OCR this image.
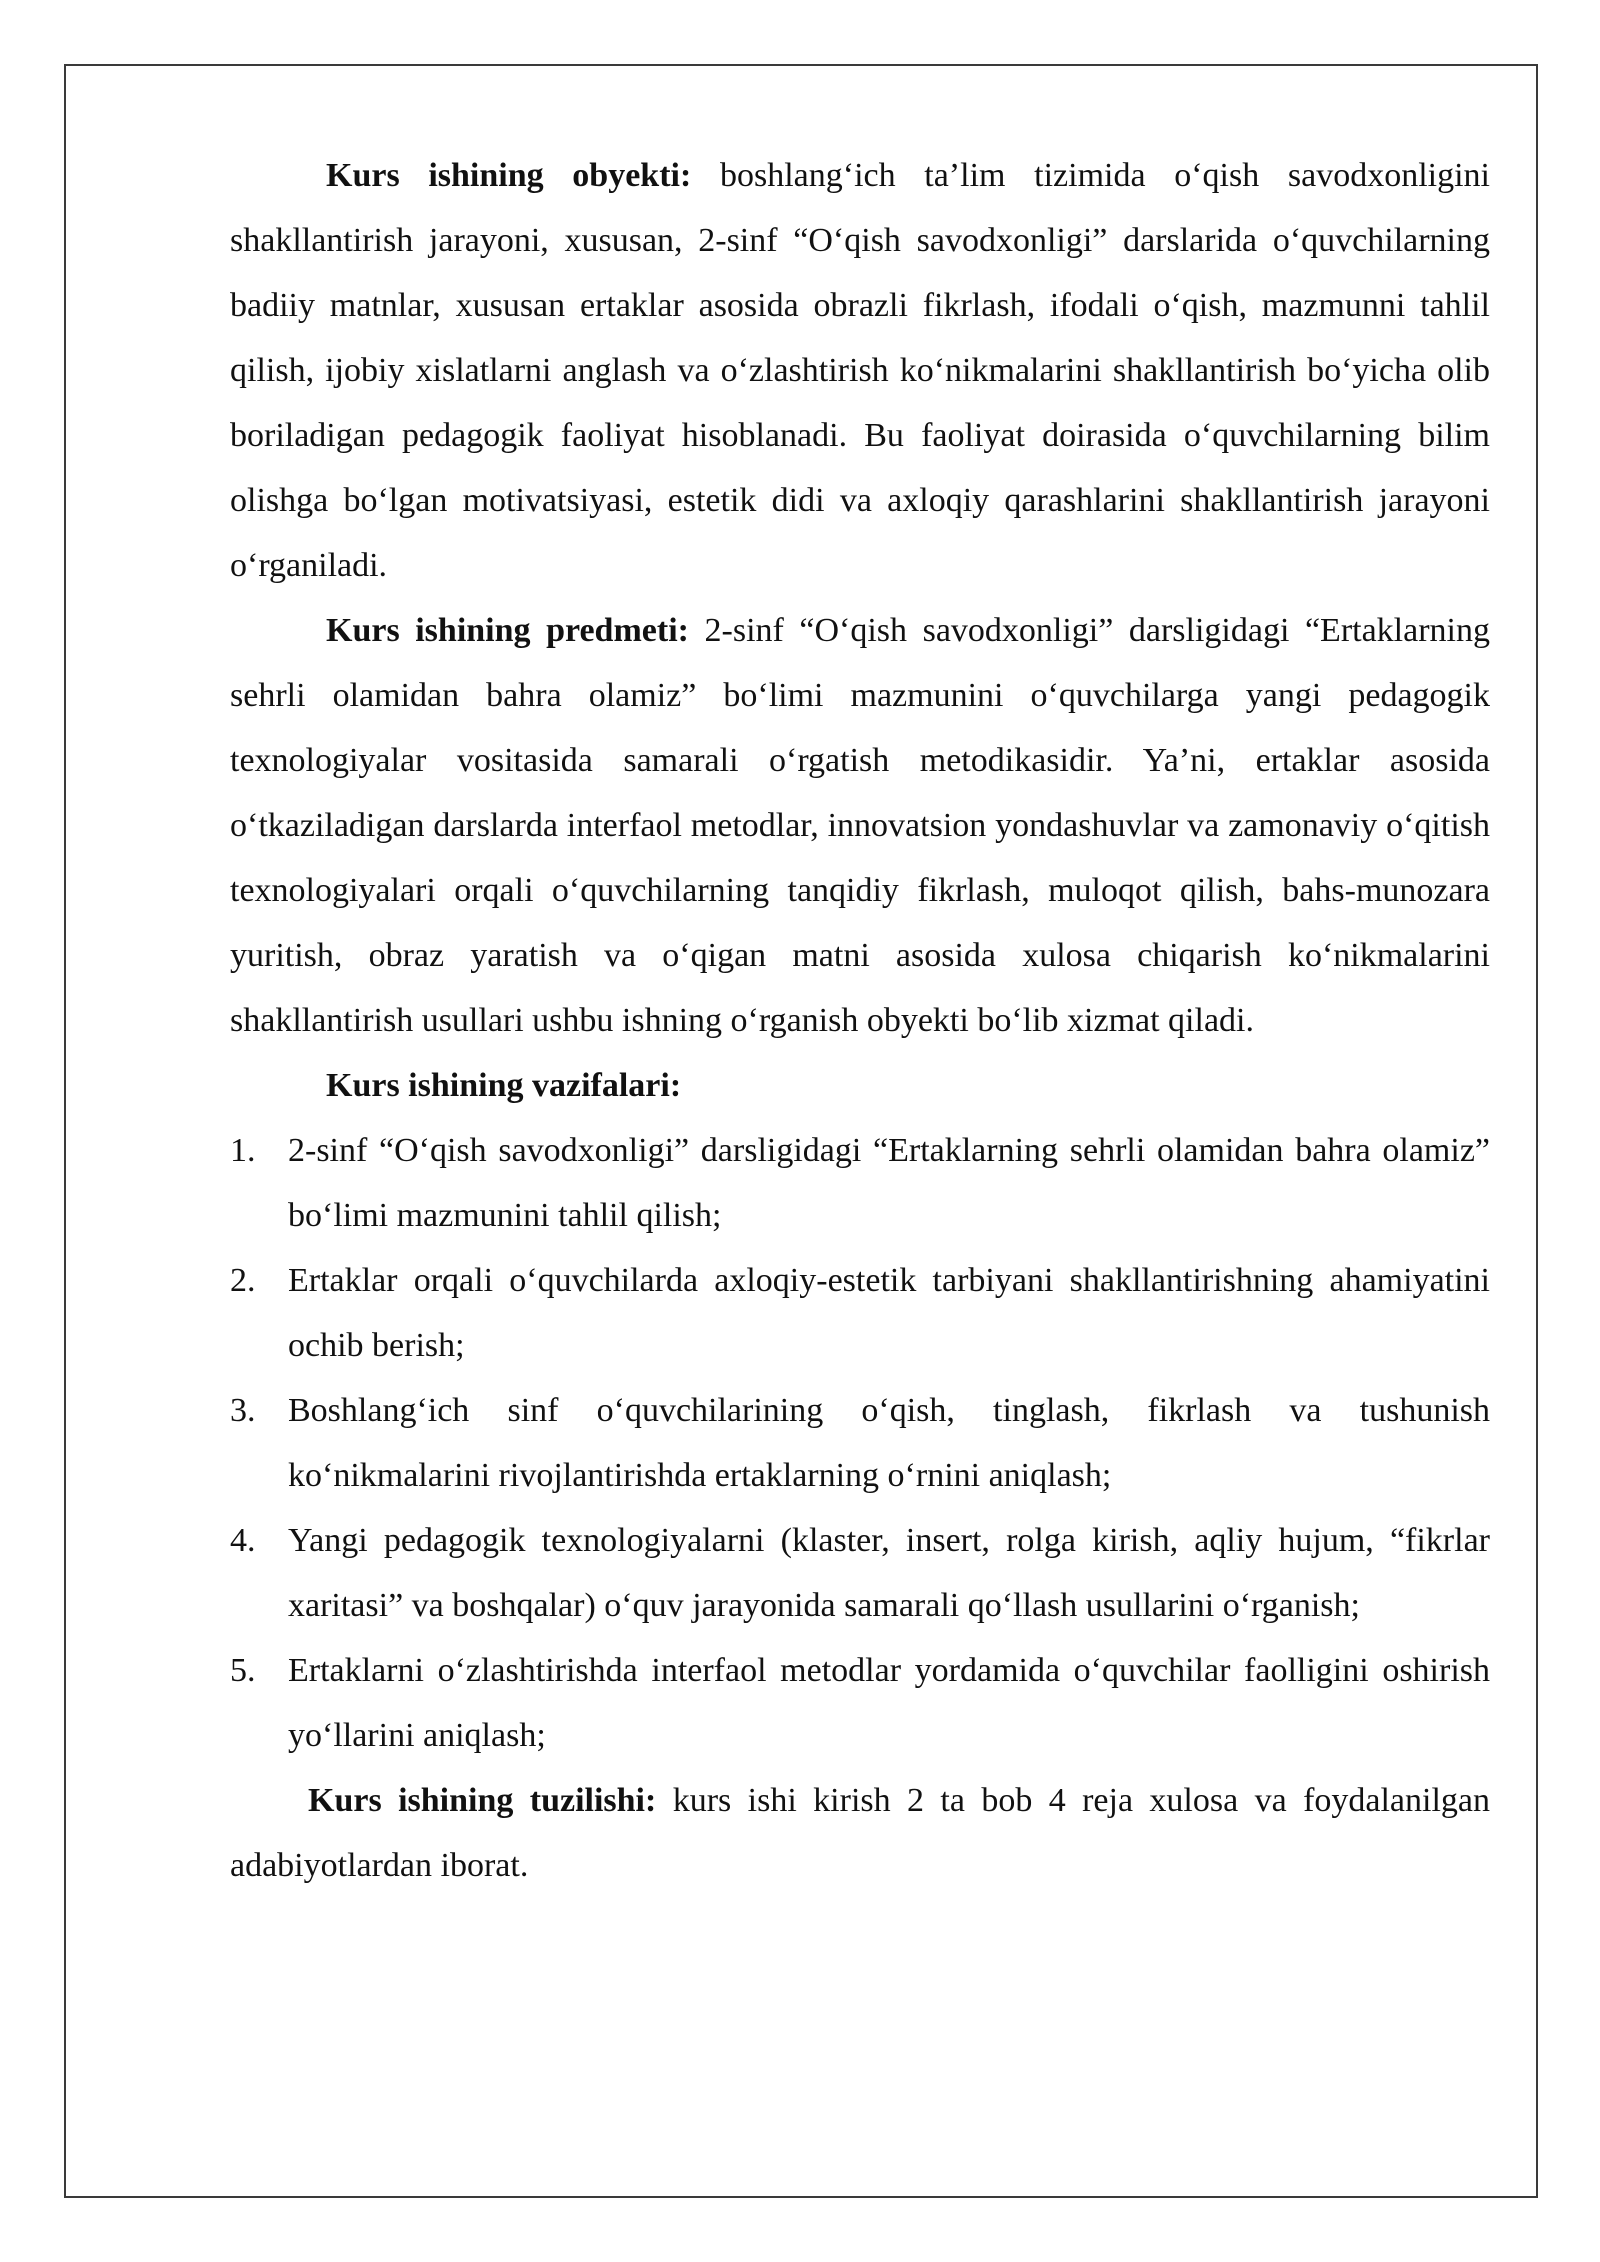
Kurs ishining obyekti: boshlang‘ich ta’lim tizimida o‘qish savodxonligini shakllantirish jarayoni, xususan, 2-sinf “O‘qish savodxonligi” darslarida o‘quvchilarning badiiy matnlar, xususan ertaklar asosida obrazli fikrlash, ifodali o‘qish, mazmunni tahlil qilish, ijobiy xislatlarni anglash va o‘zlashtirish ko‘nikmalarini shakllantirish bo‘yicha olib boriladigan pedagogik faoliyat hisoblanadi. Bu faoliyat doirasida o‘quvchilarning bilim olishga bo‘lgan motivatsiyasi, estetik didi va axloqiy qarashlarini shakllantirish jarayoni o‘rganiladi.

Kurs ishining predmeti: 2-sinf “O‘qish savodxonligi” darsligidagi “Ertaklarning sehrli olamidan bahra olamiz” bo‘limi mazmunini o‘quvchilarga yangi pedagogik texnologiyalar vositasida samarali o‘rgatish metodikasidir. Ya’ni, ertaklar asosida o‘tkaziladigan darslarda interfaol metodlar, innovatsion yondashuvlar va zamonaviy o‘qitish texnologiyalari orqali o‘quvchilarning tanqidiy fikrlash, muloqot qilish, bahs-munozara yuritish, obraz yaratish va o‘qigan matni asosida xulosa chiqarish ko‘nikmalarini shakllantirish usullari ushbu ishning o‘rganish obyekti bo‘lib xizmat qiladi.

Kurs ishining vazifalari:

1. 2-sinf “O‘qish savodxonligi” darsligidagi “Ertaklarning sehrli olamidan bahra olamiz” bo‘limi mazmunini tahlil qilish;
2. Ertaklar orqali o‘quvchilarda axloqiy-estetik tarbiyani shakllantirishning ahamiyatini ochib berish;
3. Boshlang‘ich sinf o‘quvchilarining o‘qish, tinglash, fikrlash va tushunish ko‘nikmalarini rivojlantirishda ertaklarning o‘rnini aniqlash;
4. Yangi pedagogik texnologiyalarni (klaster, insert, rolga kirish, aqliy hujum, “fikrlar xaritasi” va boshqalar) o‘quv jarayonida samarali qo‘llash usullarini o‘rganish;
5. Ertaklarni o‘zlashtirishda interfaol metodlar yordamida o‘quvchilar faolligini oshirish yo‘llarini aniqlash;

Kurs ishining tuzilishi: kurs ishi kirish 2 ta bob 4 reja xulosa va foydalanilgan adabiyotlardan iborat.
